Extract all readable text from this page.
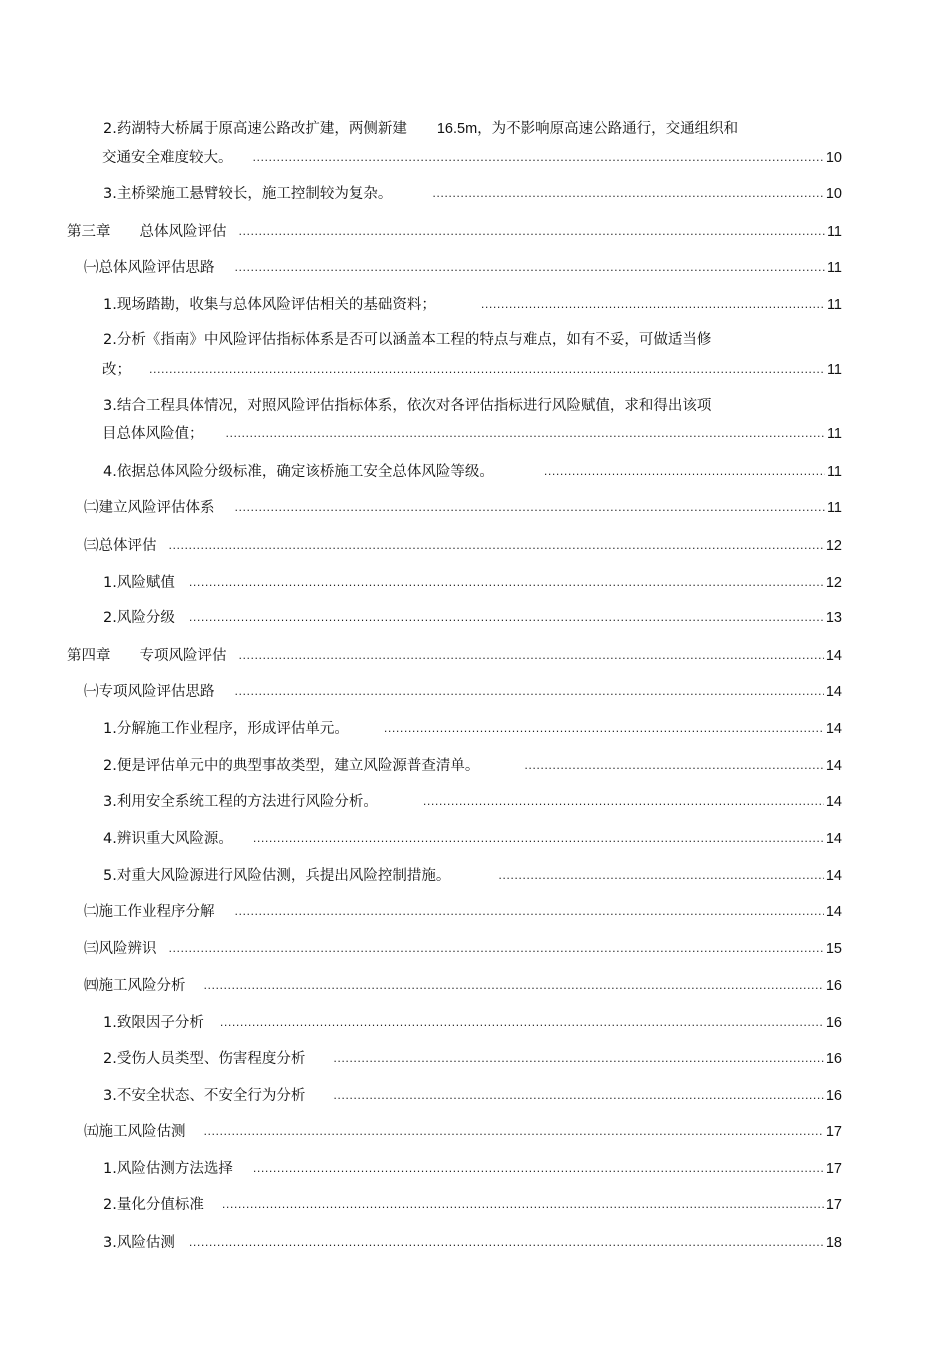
2.药湖特大桥属于原高速公路改扩建，两侧新建 16.5m，为不影响原高速公路通行，交通组织和
交通安全难度较大。 .....	10
3.主桥梁施工悬臂较长，施工控制较为复杂。 .....	10
第三章　　总体风险评估 .....	11
㈠总体风险评估思路 .....	11
1.现场踏勘，收集与总体风险评估相关的基础资料； .....	11
2.分析《指南》中风险评估指标体系是否可以涵盖本工程的特点与难点，如有不妥，可做适当修
改； .....	11
3.结合工程具体情况，对照风险评估指标体系，依次对各评估指标进行风险赋值，求和得出该项
目总体风险值； .....	11
4.依据总体风险分级标准，确定该桥施工安全总体风险等级。 .....	11
㈡建立风险评估体系 .....	11
㈢总体评估 .....	12
1.风险赋值 .....	12
2.风险分级 .....	13
第四章　　专项风险评估 .....	14
㈠专项风险评估思路 .....	14
1.分解施工作业程序，形成评估单元。 .....	14
2.便是评估单元中的典型事故类型，建立风险源普查清单。 .....	14
3.利用安全系统工程的方法进行风险分析。 .....	14
4.辨识重大风险源。 .....	14
5.对重大风险源进行风险估测，兵提出风险控制措施。 .....	14
㈡施工作业程序分解 .....	14
㈢风险辨识 .....	15
㈣施工风险分析 .....	16
1.致限因子分析 .....	16
2.受伤人员类型、伤害程度分析 .....	16
3.不安全状态、不安全行为分析 .....	16
㈤施工风险估测 .....	17
1.风险估测方法选择 .....	17
2.量化分值标准 .....	17
3.风险估测 .....	18
